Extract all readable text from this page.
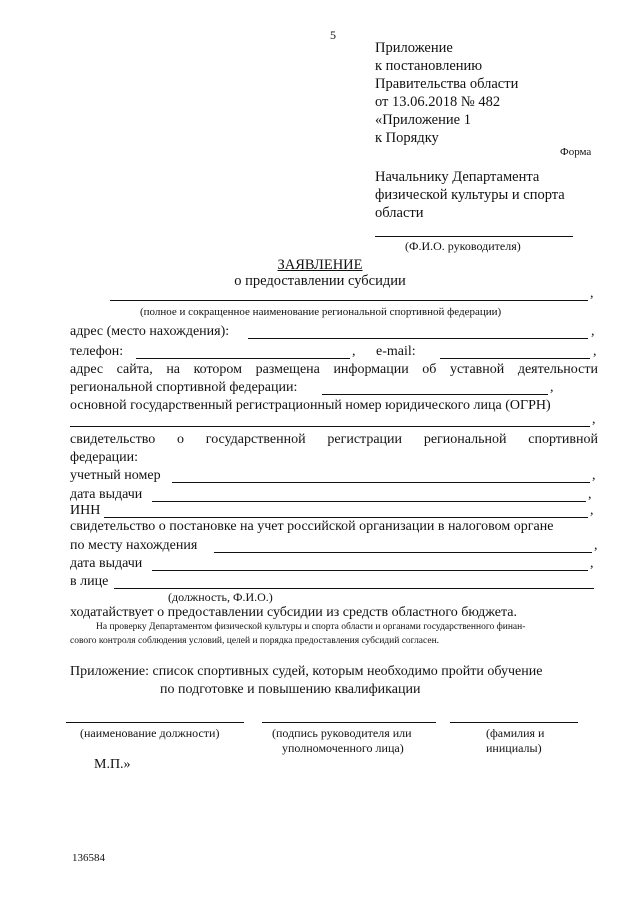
5
Приложение
к постановлению
Правительства области
от 13.06.2018 № 482
«Приложение 1
к Порядку
Форма
Начальнику Департамента
физической культуры и спорта
области
(Ф.И.О. руководителя)
ЗАЯВЛЕНИЕ
о предоставлении субсидии
,
(полное и сокращенное наименование региональной спортивной федерации)
адрес (место нахождения):	,
телефон:	, e-mail:	,
адрес сайта, на котором размещена информации об уставной деятельности
региональной спортивной федерации:	,
основной государственный регистрационный номер юридического лица (ОГРН)
,
свидетельство о государственной регистрации региональной спортивной
федерации:
учетный номер	,
дата выдачи	,
ИНН	,
свидетельство о постановке на учет российской организации в налоговом органе
по месту нахождения	,
дата выдачи	,
в лице
(должность, Ф.И.О.)
ходатайствует о предоставлении субсидии из средств областного бюджета.
На проверку Департаментом физической культуры и спорта области и органами государственного финан-
сового контроля соблюдения условий, целей и порядка предоставления субсидий согласен.
Приложение: список спортивных судей, которым необходимо пройти обучение
по подготовке и повышению квалификации
(наименование должности)	(подпись руководителя или
уполномоченного лица)
(фамилия и
инициалы)
М.П.»
136584
